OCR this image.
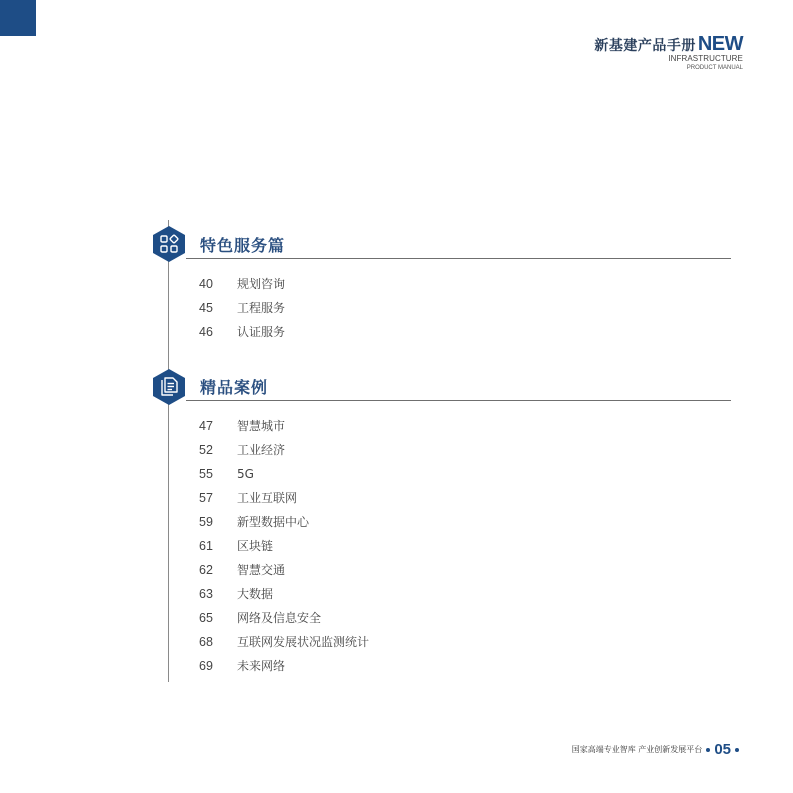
新基建产品手册 NEW
INFRASTRUCTURE
PRODUCT MANUAL
特色服务篇
40 规划咨询
45 工程服务
46 认证服务
精品案例
47 智慧城市
52 工业经济
55 5G
57 工业互联网
59 新型数据中心
61 区块链
62 智慧交通
63 大数据
65 网络及信息安全
68 互联网发展状况监测统计
69 未来网络
国家高端专业智库 产业创新发展平台 05
